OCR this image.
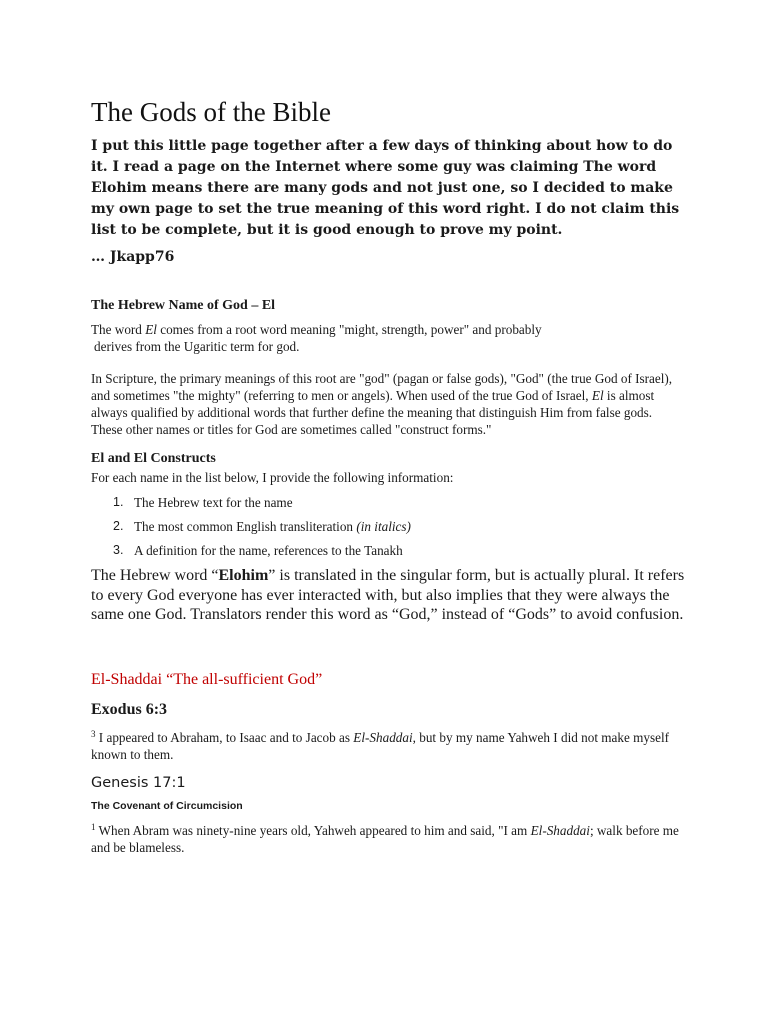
The Gods of the Bible

I put this little page together after a few days of thinking about how to do it. I read a page on the Internet where some guy was claiming The word Elohim means there are many gods and not just one, so I decided to make my own page to set the true meaning of this word right. I do not claim this list to be complete, but it is good enough to prove my point.

… Jkapp76

The Hebrew Name of God – El

The word El comes from a root word meaning "might, strength, power" and probably
derives from the Ugaritic term for god.

In Scripture, the primary meanings of this root are "god" (pagan or false gods), "God" (the true God of Israel), and sometimes "the mighty" (referring to men or angels). When used of the true God of Israel, El is almost always qualified by additional words that further define the meaning that distinguish Him from false gods. These other names or titles for God are sometimes called "construct forms."

El and El Constructs

For each name in the list below, I provide the following information:

1. The Hebrew text for the name
2. The most common English transliteration (in italics)
3. A definition for the name, references to the Tanakh

The Hebrew word “Elohim” is translated in the singular form, but is actually plural. It refers to every God everyone has ever interacted with, but also implies that they were always the same one God. Translators render this word as “God,” instead of “Gods” to avoid confusion.

El-Shaddai “The all-sufficient God”
Exodus 6:3

$^3$ I appeared to Abraham, to Isaac and to Jacob as El-Shaddai, but by my name Yahweh I did not make myself known to them.

Genesis 17:1
The Covenant of Circumcision

$^1$ When Abram was ninety-nine years old, Yahweh appeared to him and said, "I am El-Shaddai; walk before me and be blameless.
